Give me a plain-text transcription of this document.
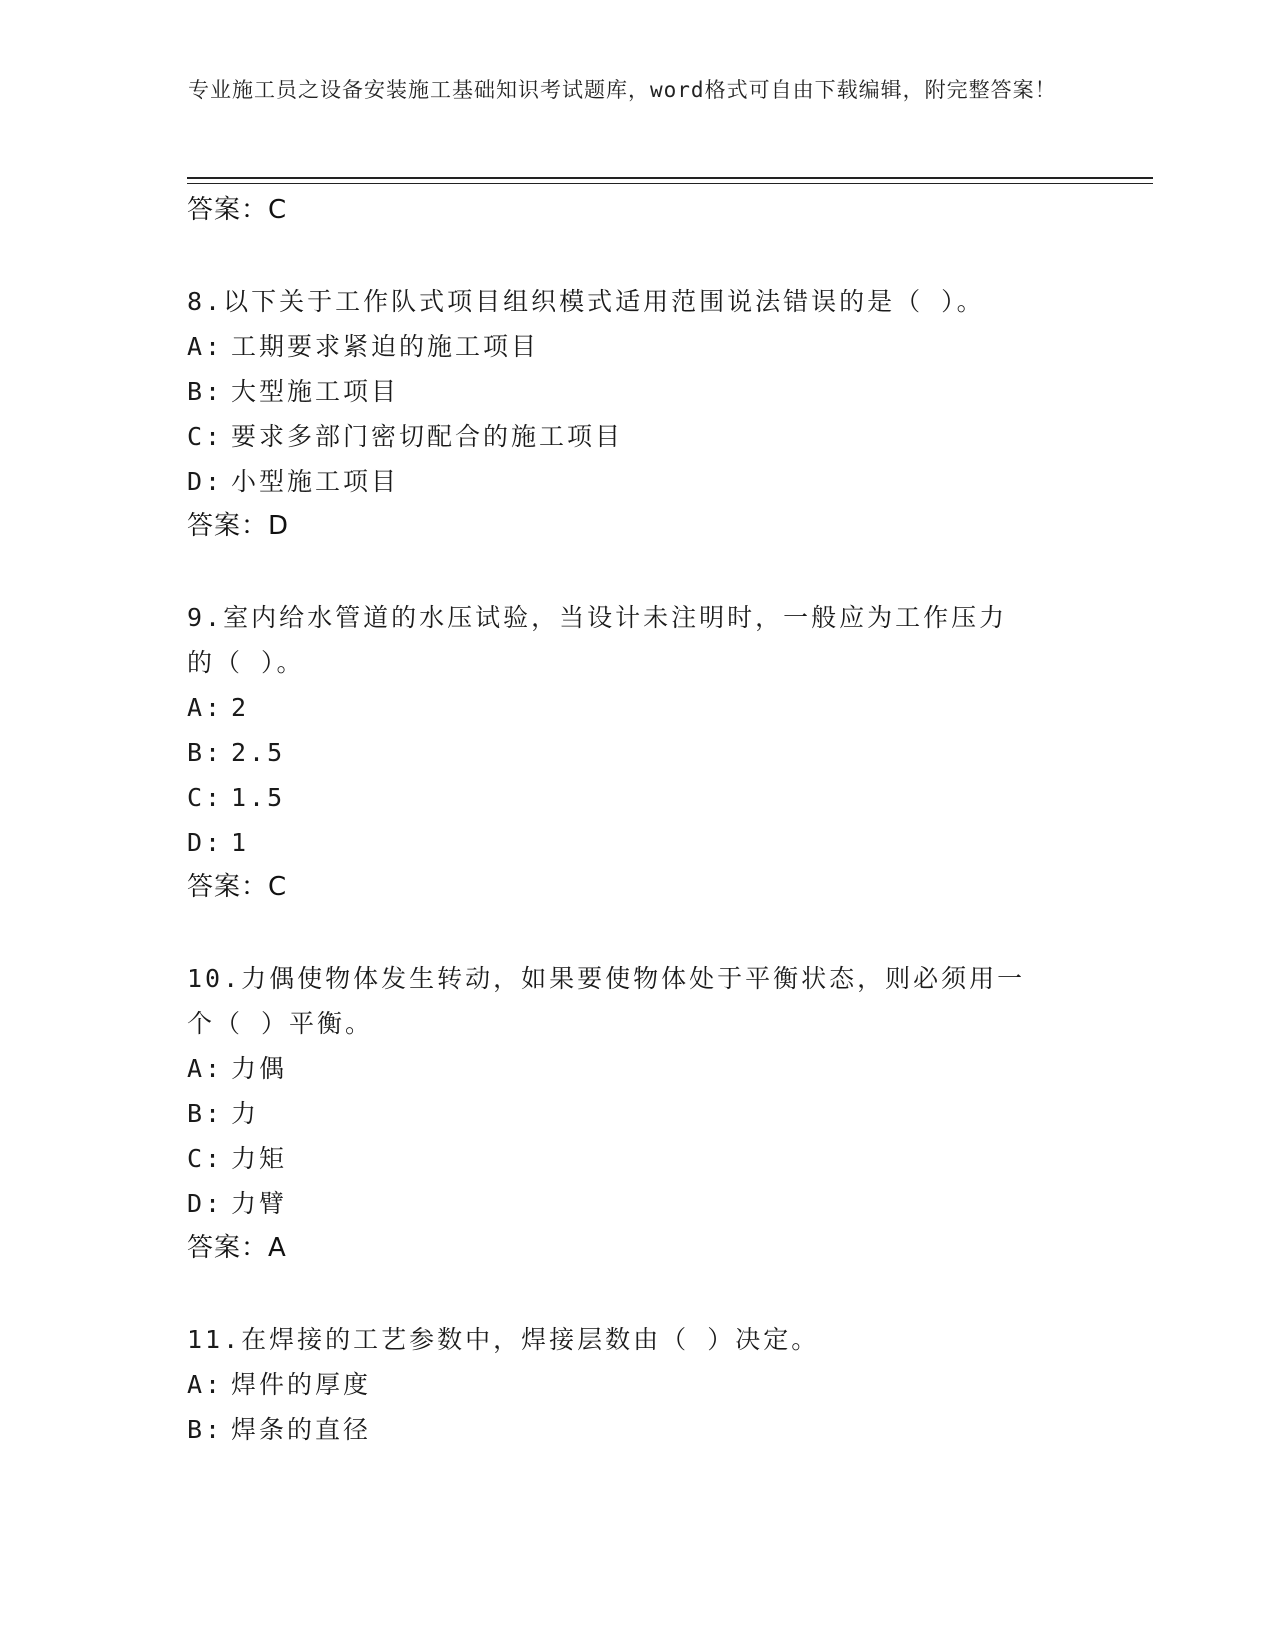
专业施工员之设备安装施工基础知识考试题库，word格式可自由下载编辑，附完整答案！
答案：C
8.以下关于工作队式项目组织模式适用范围说法错误的是（ ）。
A: 工期要求紧迫的施工项目
B: 大型施工项目
C: 要求多部门密切配合的施工项目
D: 小型施工项目
答案：D
9.室内给水管道的水压试验，当设计未注明时，一般应为工作压力的（ ）。
A: 2
B: 2.5
C: 1.5
D: 1
答案：C
10.力偶使物体发生转动，如果要使物体处于平衡状态，则必须用一个（ ）平衡。
A: 力偶
B: 力
C: 力矩
D: 力臂
答案：A
11.在焊接的工艺参数中，焊接层数由（ ）决定。
A: 焊件的厚度
B: 焊条的直径
